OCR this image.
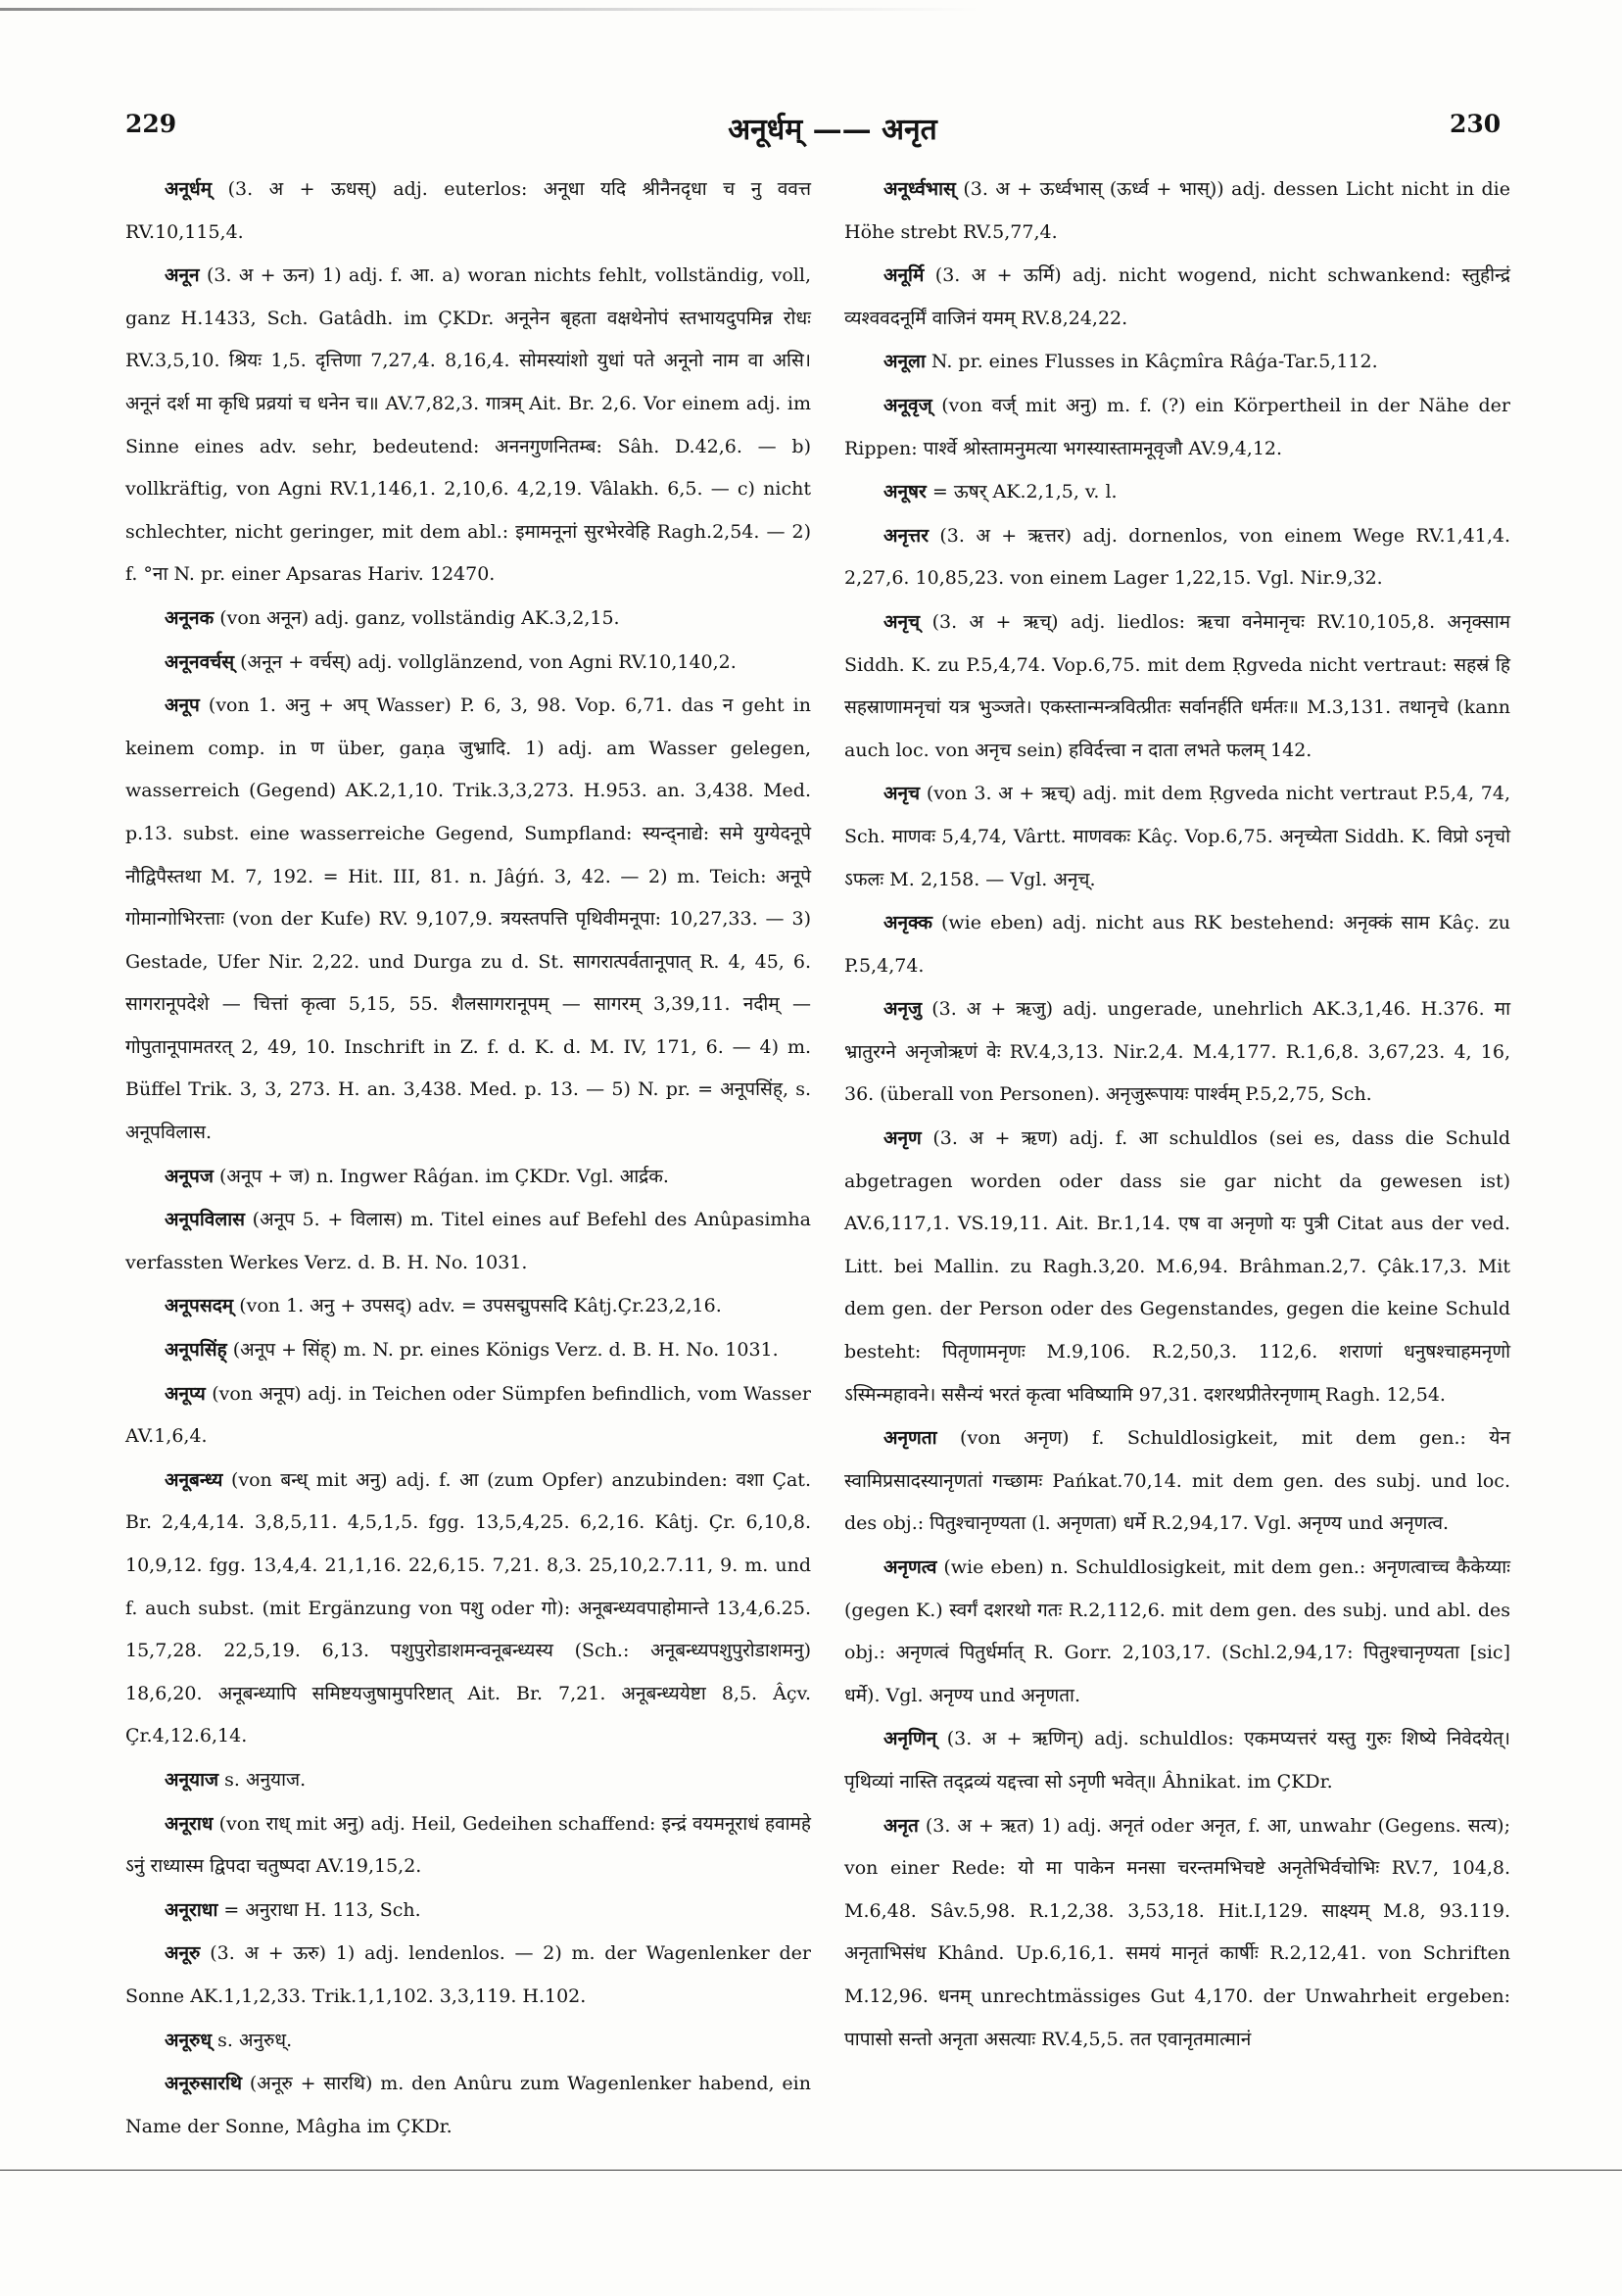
229	अनूर्धम् —— अनृत	230

अनूर्धम् (3. अ + ऊधस्) adj. euterlos: अनूधा यदि श्रीनैनदृधा च नु ववत्त RV.10,115,4.

अनून (3. अ + ऊन) 1) adj. f. आ. a) woran nichts fehlt, vollständig, voll, ganz H.1433, Sch. Gatâdh. im ÇKDr. अनूनेन बृहता वक्षथेनोपं स्तभायदुपमिन्न रोधः RV.3,5,10. श्रियः 1,5. दृत्तिणा 7,27,4. 8,16,4. सोमस्यांशो युधां पते अनूनो नाम वा असि। अनूनं दर्श मा कृधि प्रव्रयां च धनेन च॥ AV.7,82,3. गात्रम् Ait. Br. 2,6. Vor einem adj. im Sinne eines adv. sehr, bedeutend: अननगुणनितम्ब: Sâh. D.42,6. — b) vollkräftig, von Agni RV.1,146,1. 2,10,6. 4,2,19. Vâlakh. 6,5. — c) nicht schlechter, nicht geringer, mit dem abl.: इमामनूनां सुरभेरवेहि Ragh.2,54. — 2) f. °ना N. pr. einer Apsaras Hariv. 12470.

अनूनक (von अनून) adj. ganz, vollständig AK.3,2,15.

अनूनवर्चस् (अनून + वर्चस्) adj. vollglänzend, von Agni RV.10,140,2.

अनूप (von 1. अनु + अप् Wasser) P. 6, 3, 98. Vop. 6,71. das न geht in keinem comp. in ण über, gaṇa जुभ्रादि. 1) adj. am Wasser gelegen, wasserreich (Gegend) AK.2,1,10. Trik.3,3,273. H.953. an. 3,438. Med. p.13. subst. eine wasserreiche Gegend, Sumpfland: स्यन्द्नाद्ये: समे युग्येदनूपे नौद्विपैस्तथा M. 7, 192. = Hit. III, 81. n. Jâǵń. 3, 42. — 2) m. Teich: अनूपे गोमान्गोभिरत्ताः (von der Kufe) RV. 9,107,9. त्रयस्तपत्ति पृथिवीमनूपा: 10,27,33. — 3) Gestade, Ufer Nir. 2,22. und Durga zu d. St. सागरात्पर्वतानूपात् R. 4, 45, 6. सागरानूपदेशे — चित्तां कृत्वा 5,15, 55. शैलसागरानूपम् — सागरम् 3,39,11. नदीम् — गोपुतानूपामतरत् 2, 49, 10. Inschrift in Z. f. d. K. d. M. IV, 171, 6. — 4) m. Büffel Trik. 3, 3, 273. H. an. 3,438. Med. p. 13. — 5) N. pr. = अनूपसिंह्, s. अनूपविलास.

अनूपज (अनूप + ज) n. Ingwer Râǵan. im ÇKDr. Vgl. आर्द्रक.

अनूपविलास (अनूप 5. + विलास) m. Titel eines auf Befehl des Anûpasimha verfassten Werkes Verz. d. B. H. No. 1031.

अनूपसदम् (von 1. अनु + उपसद्) adv. = उपसद्मुपसदि Kâtj.Çr.23,2,16.

अनूपसिंह् (अनूप + सिंह्) m. N. pr. eines Königs Verz. d. B. H. No. 1031.

अनूप्य (von अनूप) adj. in Teichen oder Sümpfen befindlich, vom Wasser AV.1,6,4.

अनूबन्ध्य (von बन्ध् mit अनु) adj. f. आ (zum Opfer) anzubinden: वशा Çat. Br. 2,4,4,14. 3,8,5,11. 4,5,1,5. fgg. 13,5,4,25. 6,2,16. Kâtj. Çr. 6,10,8. 10,9,12. fgg. 13,4,4. 21,1,16. 22,6,15. 7,21. 8,3. 25,10,2.7.11, 9. m. und f. auch subst. (mit Ergänzung von पशु oder गो): अनूबन्ध्यवपाहोमान्ते 13,4,6.25. 15,7,28. 22,5,19. 6,13. पशुपुरोडाशमन्वनूबन्ध्यस्य (Sch.: अनूबन्ध्यपशुपुरोडाशमनु) 18,6,20. अनूबन्ध्यापि समिष्टयजुषामुपरिष्टात् Ait. Br. 7,21. अनूबन्ध्ययेष्टा 8,5. Âçv. Çr.4,12.6,14.

अनूयाज s. अनुयाज.

अनूराध (von राध् mit अनु) adj. Heil, Gedeihen schaffend: इन्द्रं वयमनूराधं हवामहे ऽनुं राध्यास्म द्विपदा चतुष्पदा AV.19,15,2.

अनूराधा = अनुराधा H. 113, Sch.

अनूरु (3. अ + ऊरु) 1) adj. lendenlos. — 2) m. der Wagenlenker der Sonne AK.1,1,2,33. Trik.1,1,102. 3,3,119. H.102.

अनूरुध् s. अनुरुध्.

अनूरुसारथि (अनूरु + सारथि) m. den Anûru zum Wagenlenker habend, ein Name der Sonne, Mâgha im ÇKDr.

अनूर्ध्वभास् (3. अ + ऊर्ध्वभास् (ऊर्ध्व + भास्)) adj. dessen Licht nicht in die Höhe strebt RV.5,77,4.

अनूर्मि (3. अ + ऊर्मि) adj. nicht wogend, nicht schwankend: स्तुहीन्द्रं व्यश्ववदनूर्मिं वाजिनं यमम् RV.8,24,22.

अनूला N. pr. eines Flusses in Kâçmîra Râǵa-Tar.5,112.

अनूवृज् (von वर्ज् mit अनु) m. f. (?) ein Körpertheil in der Nähe der Rippen: पार्श्वे श्रोस्तामनुमत्या भगस्यास्तामनूवृजौ AV.9,4,12.

अनूषर = ऊषर् AK.2,1,5, v. l.

अनृत्तर (3. अ + ऋत्तर) adj. dornenlos, von einem Wege RV.1,41,4. 2,27,6. 10,85,23. von einem Lager 1,22,15. Vgl. Nir.9,32.

अनृच् (3. अ + ऋच्) adj. liedlos: ऋचा वनेमानृचः RV.10,105,8. अनृक्साम Siddh. K. zu P.5,4,74. Vop.6,75. mit dem Ṛgveda nicht vertraut: सहस्रं हि सहस्राणामनृचां यत्र भुञ्जते। एकस्तान्मन्त्रवित्प्रीतः सर्वानर्हति धर्मतः॥ M.3,131. तथानृचे (kann auch loc. von अनृच sein) हविर्दत्त्वा न दाता लभते फलम् 142.

अनृच (von 3. अ + ऋच्) adj. mit dem Ṛgveda nicht vertraut P.5,4, 74, Sch. माणवः 5,4,74, Vârtt. माणवकः Kâç. Vop.6,75. अनृच्येता Siddh. K. विप्रो ऽनृचो ऽफलः M. 2,158. — Vgl. अनृच्.

अनृक्क (wie eben) adj. nicht aus RK bestehend: अनृक्कं साम Kâç. zu P.5,4,74.

अनृजु (3. अ + ऋजु) adj. ungerade, unehrlich AK.3,1,46. H.376. मा भ्रातुरग्ने अनृजोऋणं वेः RV.4,3,13. Nir.2,4. M.4,177. R.1,6,8. 3,67,23. 4, 16, 36. (überall von Personen). अनृजुरूपायः पार्श्वम् P.5,2,75, Sch.

अनृण (3. अ + ऋण) adj. f. आ schuldlos (sei es, dass die Schuld abgetragen worden oder dass sie gar nicht da gewesen ist) AV.6,117,1. VS.19,11. Ait. Br.1,14. एष वा अनृणो यः पुत्री Citat aus der ved. Litt. bei Mallin. zu Ragh.3,20. M.6,94. Brâhman.2,7. Çâk.17,3. Mit dem gen. der Person oder des Gegenstandes, gegen die keine Schuld besteht: पितृणामनृणः M.9,106. R.2,50,3. 112,6. शराणां धनुषश्चाहमनृणो ऽस्मिन्महावने। ससैन्यं भरतं कृत्वा भविष्यामि 97,31. दशरथप्रीतेरनृणाम् Ragh. 12,54.

अनृणता (von अनृण) f. Schuldlosigkeit, mit dem gen.: येन स्वामिप्रसादस्यानृणतां गच्छामः Pańkat.70,14. mit dem gen. des subj. und loc. des obj.: पितुश्चानृण्यता (l. अनृणता) धर्मे R.2,94,17. Vgl. अनृण्य und अनृणत्व.

अनृणत्व (wie eben) n. Schuldlosigkeit, mit dem gen.: अनृणत्वाच्च कैकेय्याः (gegen K.) स्वर्गं दशरथो गतः R.2,112,6. mit dem gen. des subj. und abl. des obj.: अनृणत्वं पितुर्धर्मात् R. Gorr. 2,103,17. (Schl.2,94,17: पितुश्चानृण्यता [sic] धर्मे). Vgl. अनृण्य und अनृणता.

अनृणिन् (3. अ + ऋणिन्) adj. schuldlos: एकमप्यत्तरं यस्तु गुरुः शिष्ये निवेदयेत्। पृथिव्यां नास्ति तद्द्रव्यं यद्दत्त्वा सो ऽनृणी भवेत्॥ Âhnikat. im ÇKDr.

अनृत (3. अ + ऋत) 1) adj. अनृतं oder अनृत, f. आ, unwahr (Gegens. सत्य); von einer Rede: यो मा पाकेन मनसा चरन्तमभिचष्टे अनृतेभिर्वचोभिः RV.7, 104,8. M.6,48. Sâv.5,98. R.1,2,38. 3,53,18. Hit.I,129. साक्ष्यम् M.8, 93.119. अनृताभिसंध Khând. Up.6,16,1. समयं मानृतं कार्षीः R.2,12,41. von Schriften M.12,96. धनम् unrechtmässiges Gut 4,170. der Unwahrheit ergeben: पापासो सन्तो अनृता असत्याः RV.4,5,5. तत एवानृतमात्मानं
